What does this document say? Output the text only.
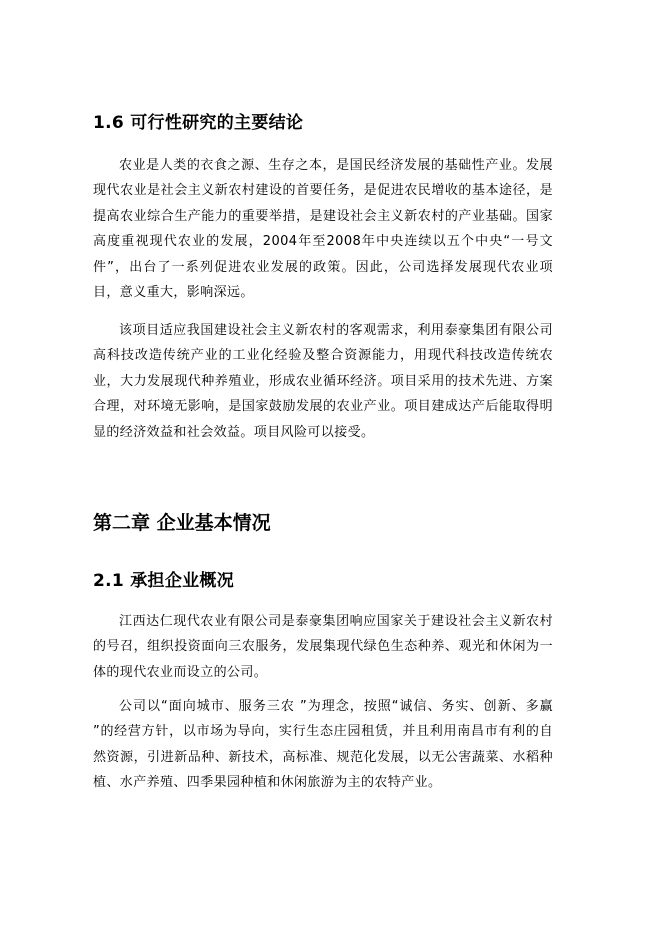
1.6 可行性研究的主要结论
农业是人类的衣食之源、生存之本，是国民经济发展的基础性产业。发展现代农业是社会主义新农村建设的首要任务，是促进农民增收的基本途径，是提高农业综合生产能力的重要举措，是建设社会主义新农村的产业基础。国家高度重视现代农业的发展，2004年至2008年中央连续以五个中央“一号文件”，出台了一系列促进农业发展的政策。因此，公司选择发展现代农业项目，意义重大，影响深远。
该项目适应我国建设社会主义新农村的客观需求，利用泰豪集团有限公司高科技改造传统产业的工业化经验及整合资源能力，用现代科技改造传统农业，大力发展现代种养殖业，形成农业循环经济。项目采用的技术先进、方案合理，对环境无影响，是国家鼓励发展的农业产业。项目建成达产后能取得明显的经济效益和社会效益。项目风险可以接受。
第二章 企业基本情况
2.1 承担企业概况
江西达仁现代农业有限公司是泰豪集团响应国家关于建设社会主义新农村的号召，组织投资面向三农服务，发展集现代绿色生态种养、观光和休闲为一体的现代农业而设立的公司。
公司以“面向城市、服务三农 ”为理念，按照“诚信、务实、创新、多赢 ”的经营方针，以市场为导向，实行生态庄园租赁，并且利用南昌市有利的自然资源，引进新品种、新技术，高标准、规范化发展，以无公害蔬菜、水稻种植、水产养殖、四季果园种植和休闲旅游为主的农特产业。
